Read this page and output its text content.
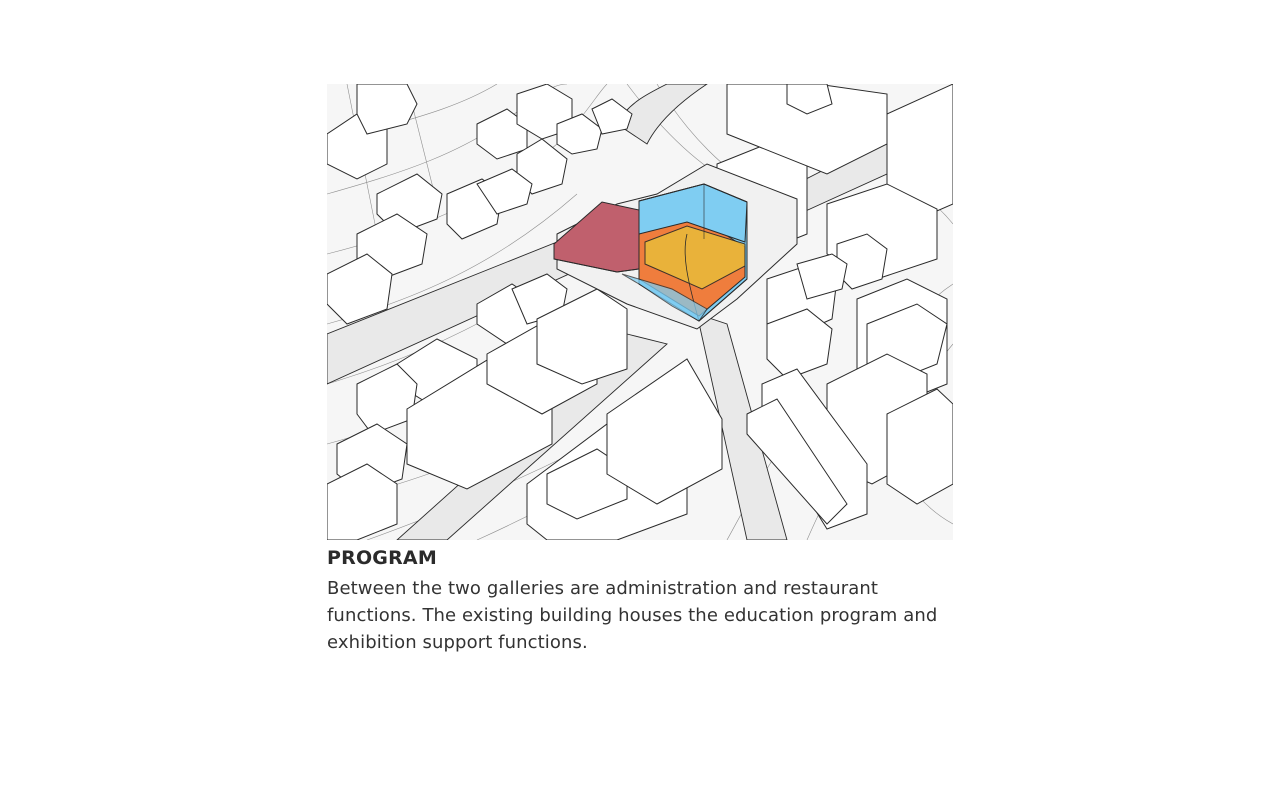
PROGRAM

Between the two galleries are administration and restaurant functions. The existing building houses the education program and exhibition support functions.
